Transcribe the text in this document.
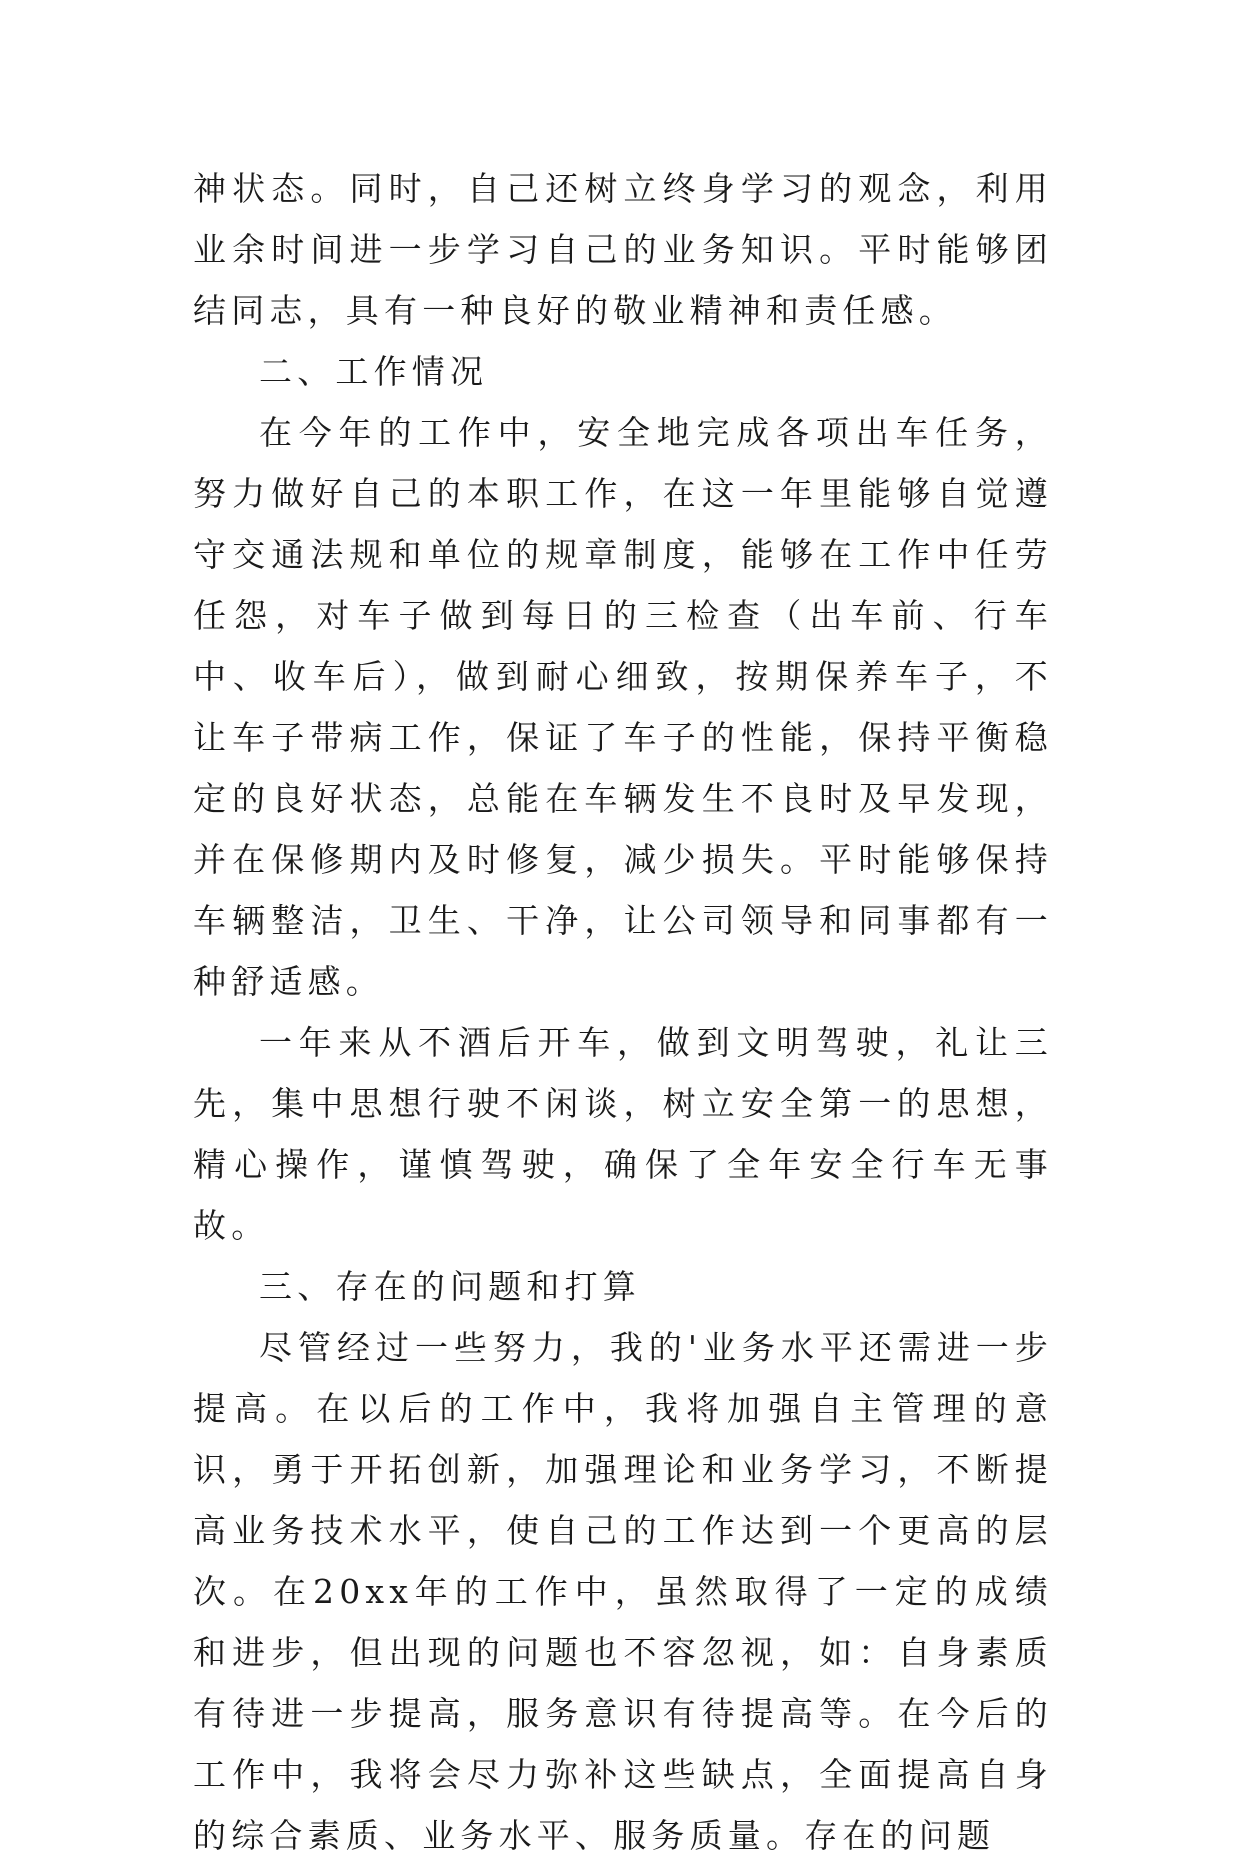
神状态。同时，自己还树立终身学习的观念，利用业余时间进一步学习自己的业务知识。平时能够团结同志，具有一种良好的敬业精神和责任感。

二、工作情况

在今年的工作中，安全地完成各项出车任务，努力做好自己的本职工作，在这一年里能够自觉遵守交通法规和单位的规章制度，能够在工作中任劳任怨，对车子做到每日的三检查（出车前、行车中、收车后），做到耐心细致，按期保养车子，不让车子带病工作，保证了车子的性能，保持平衡稳定的良好状态，总能在车辆发生不良时及早发现，并在保修期内及时修复，减少损失。平时能够保持车辆整洁，卫生、干净，让公司领导和同事都有一种舒适感。

一年来从不酒后开车，做到文明驾驶，礼让三先，集中思想行驶不闲谈，树立安全第一的思想，精心操作，谨慎驾驶，确保了全年安全行车无事故。

三、存在的问题和打算

尽管经过一些努力，我的'业务水平还需进一步提高。在以后的工作中，我将加强自主管理的意识，勇于开拓创新，加强理论和业务学习，不断提高业务技术水平，使自己的工作达到一个更高的层次。在20xx年的工作中，虽然取得了一定的成绩和进步，但出现的问题也不容忽视，如：自身素质有待进一步提高，服务意识有待提高等。在今后的工作中，我将会尽力弥补这些缺点，全面提高自身的综合素质、业务水平、服务质量。存在的问题
